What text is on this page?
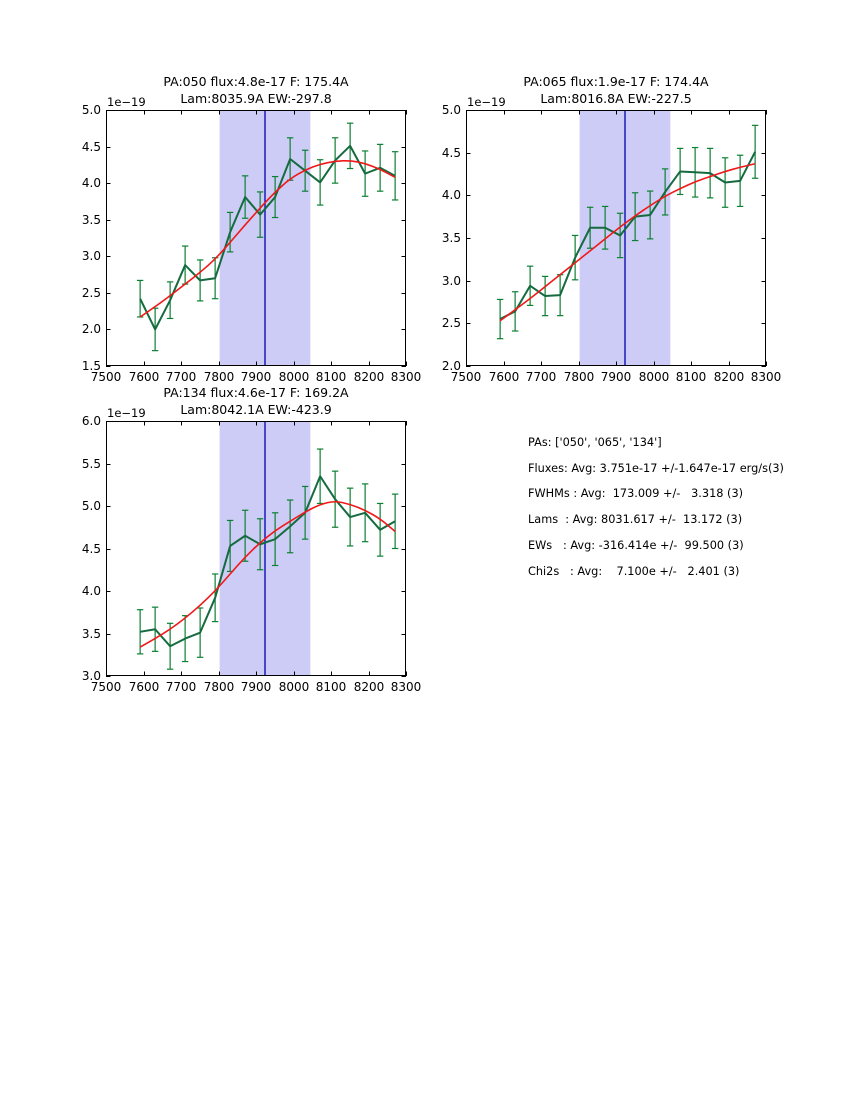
PA:050 flux:4.8e-17 F: 175.4A
Lam:8035.9A EW:-297.8
1e−19
PA:065 flux:1.9e-17 F: 174.4A
Lam:8016.8A EW:-227.5
1e−19
PA:134 flux:4.6e-17 F: 169.2A
Lam:8042.1A EW:-423.9
1e−19
7500 7600 7700 7800 7900 8000 8100 8200 8300
1.5
2.0
2.5
3.0
3.5
4.0
4.5
5.0
7500 7600 7700 7800 7900 8000 8100 8200 8300
2.0
2.5
3.0
3.5
4.0
4.5
5.0
7500 7600 7700 7800 7900 8000 8100 8200 8300
3.0
3.5
4.0
4.5
5.0
5.5
6.0
PAs: ['050', '065', '134']
Fluxes: Avg: 3.751e-17 +/-1.647e-17 erg/s(3)
FWHMs : Avg:  173.009 +/-   3.318 (3)
Lams  : Avg: 8031.617 +/-  13.172 (3)
EWs   : Avg: -316.414e +/-  99.500 (3)
Chi2s   : Avg:    7.100e +/-   2.401 (3)
